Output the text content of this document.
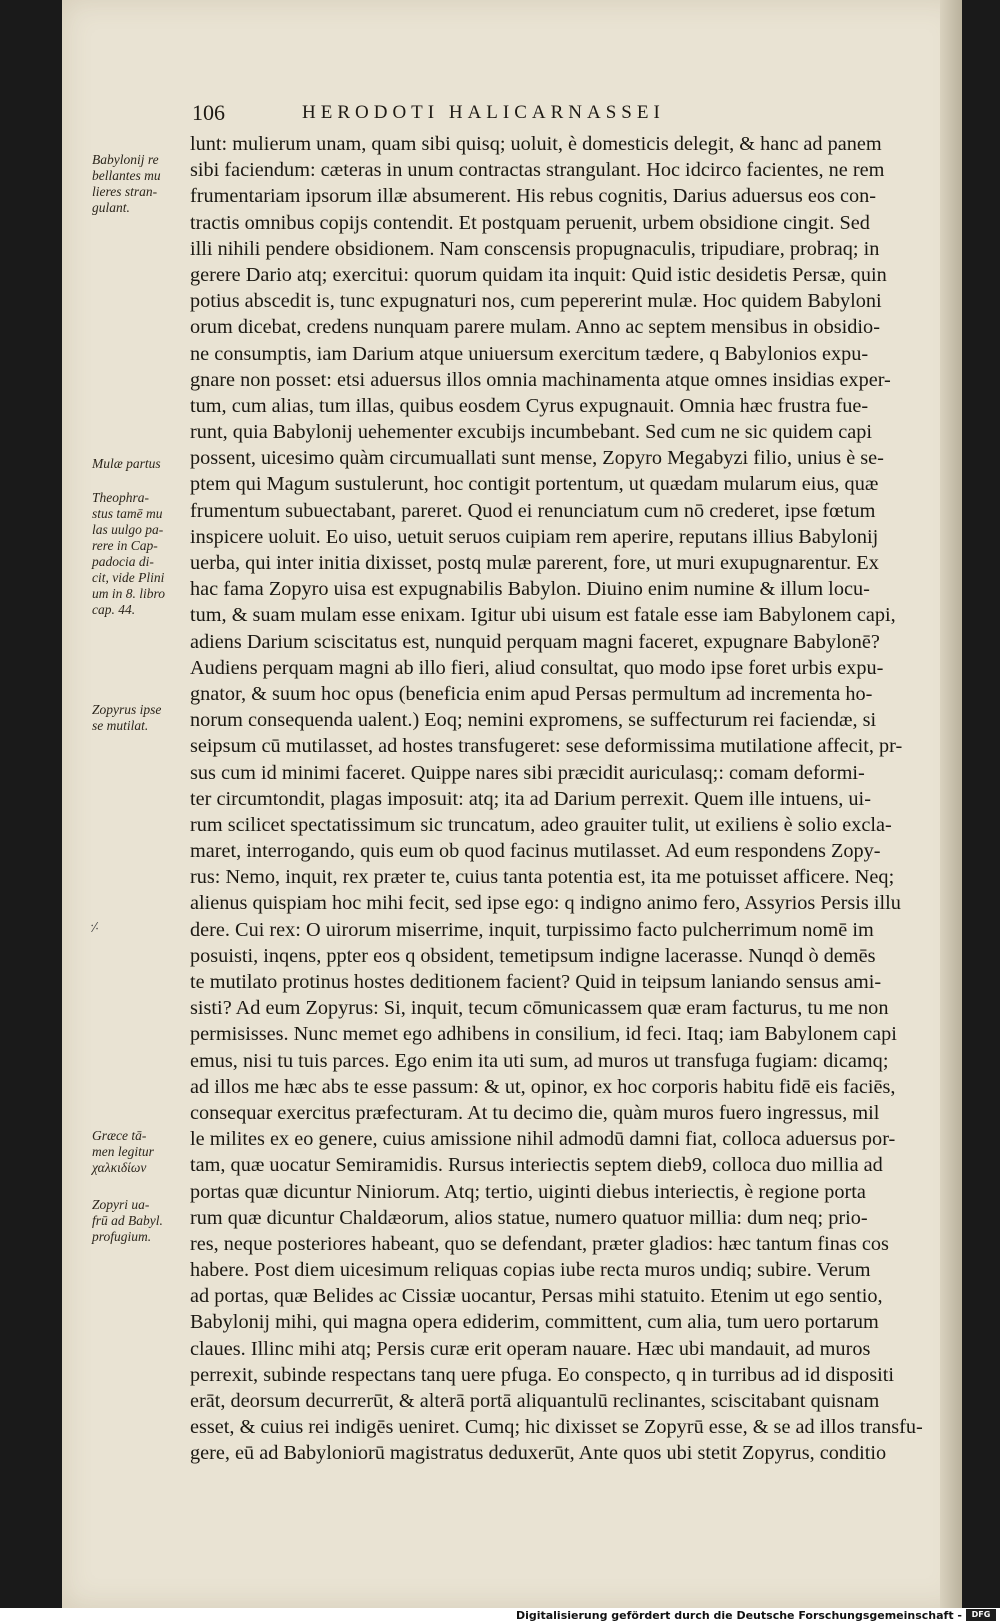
106	HERODOTI HALICARNASSEI
lunt: mulierum unam, quam sibi quisq; uoluit, è domesticis delegit, & hanc ad panem
sibi faciendum: cæteras in unum contractas strangulant. Hoc idcirco facientes, ne rem
frumentariam ipsorum illæ absumerent. His rebus cognitis, Darius aduersus eos con-
tractis omnibus copijs contendit. Et postquam peruenit, urbem obsidione cingit. Sed
illi nihili pendere obsidionem. Nam conscensis propugnaculis, tripudiare, probraq; in
gerere Dario atq; exercitui: quorum quidam ita inquit: Quid istic desidetis Persæ, quin
potius abscedit is, tunc expugnaturi nos, cum pepererint mulæ. Hoc quidem Babyloni
orum dicebat, credens nunquam parere mulam. Anno ac septem mensibus in obsidio-
ne consumptis, iam Darium atque uniuersum exercitum tædere, q Babylonios expu-
gnare non posset: etsi aduersus illos omnia machinamenta atque omnes insidias exper-
tum, cum alias, tum illas, quibus eosdem Cyrus expugnauit. Omnia hæc frustra fue-
runt, quia Babylonij uehementer excubijs incumbebant. Sed cum ne sic quidem capi
possent, uicesimo quàm circumuallati sunt mense, Zopyro Megabyzi filio, unius è se-
ptem qui Magum sustulerunt, hoc contigit portentum, ut quædam mularum eius, quæ
frumentum subuectabant, pareret. Quod ei renunciatum cum nō crederet, ipse fœtum
inspicere uoluit. Eo uiso, uetuit seruos cuipiam rem aperire, reputans illius Babylonij
uerba, qui inter initia dixisset, postq mulæ parerent, fore, ut muri exupugnarentur. Ex
hac fama Zopyro uisa est expugnabilis Babylon. Diuino enim numine & illum locu-
tum, & suam mulam esse enixam. Igitur ubi uisum est fatale esse iam Babylonem capi,
adiens Darium sciscitatus est, nunquid perquam magni faceret, expugnare Babylonē?
Audiens perquam magni ab illo fieri, aliud consultat, quo modo ipse foret urbis expu-
gnator, & suum hoc opus (beneficia enim apud Persas permultum ad incrementa ho-
norum consequenda ualent.) Eoq; nemini expromens, se suffecturum rei faciendæ, si
seipsum cū mutilasset, ad hostes transfugeret: sese deformissima mutilatione affecit, pr-
sus cum id minimi faceret. Quippe nares sibi præcidit auriculasq;: comam deformi-
ter circumtondit, plagas imposuit: atq; ita ad Darium perrexit. Quem ille intuens, ui-
rum scilicet spectatissimum sic truncatum, adeo grauiter tulit, ut exiliens è solio excla-
maret, interrogando, quis eum ob quod facinus mutilasset. Ad eum respondens Zopy-
rus: Nemo, inquit, rex præter te, cuius tanta potentia est, ita me potuisset afficere. Neq;
alienus quispiam hoc mihi fecit, sed ipse ego: q indigno animo fero, Assyrios Persis illu
dere. Cui rex: O uirorum miserrime, inquit, turpissimo facto pulcherrimum nomē im
posuisti, inqens, ppter eos q obsident, temetipsum indigne lacerasse. Nunqd ò demēs
te mutilato protinus hostes deditionem facient? Quid in teipsum laniando sensus ami-
sisti? Ad eum Zopyrus: Si, inquit, tecum cōmunicassem quæ eram facturus, tu me non
permisisses. Nunc memet ego adhibens in consilium, id feci. Itaq; iam Babylonem capi
emus, nisi tu tuis parces. Ego enim ita uti sum, ad muros ut transfuga fugiam: dicamq;
ad illos me hæc abs te esse passum: & ut, opinor, ex hoc corporis habitu fidē eis faciēs,
consequar exercitus præfecturam. At tu decimo die, quàm muros fuero ingressus, mil
le milites ex eo genere, cuius amissione nihil admodū damni fiat, colloca aduersus por-
tam, quæ uocatur Semiramidis. Rursus interiectis septem dieb9, colloca duo millia ad
portas quæ dicuntur Niniorum. Atq; tertio, uiginti diebus interiectis, è regione porta
rum quæ dicuntur Chaldæorum, alios statue, numero quatuor millia: dum neq; prio-
res, neque posteriores habeant, quo se defendant, præter gladios: hæc tantum finas cos
habere. Post diem uicesimum reliquas copias iube recta muros undiq; subire. Verum
ad portas, quæ Belides ac Cissiæ uocantur, Persas mihi statuito. Etenim ut ego sentio,
Babylonij mihi, qui magna opera ediderim, committent, cum alia, tum uero portarum
claues. Illinc mihi atq; Persis curæ erit operam nauare. Hæc ubi mandauit, ad muros
perrexit, subinde respectans tanq uere pfuga. Eo conspecto, q in turribus ad id dispositi
erāt, deorsum decurrerūt, & alterā portā aliquantulū reclinantes, sciscitabant quisnam
esset, & cuius rei indigēs ueniret. Cumq; hic dixisset se Zopyrū esse, & se ad illos transfu-
gere, eū ad Babyloniorū magistratus deduxerūt, Ante quos ubi stetit Zopyrus, conditio
Babylonij re
bellantes mu
lieres stran-
gulant.
Mulæ partus
Theophra-
stus tamē mu
las uulgo pa-
rere in Cap-
padocia di-
cit, vide Plini
um in 8. libro
cap. 44.
Zopyrus ipse
se mutilat.
Græce tā-
men legitur
χαλκιδίων
Zopyri ua-
frū ad Babyl.
profugium.
⸓
Digitalisierung gefördert durch die Deutsche Forschungsgemeinschaft -	DFG
